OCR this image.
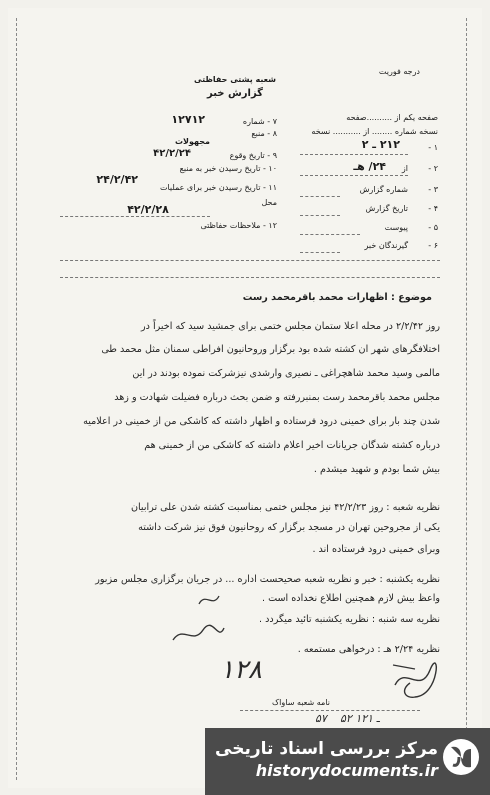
درجه فوریت
شعبه پشتی حفاظتی
گزارش خبر
صفحه یکم از ..........صفحه
نسخه شماره ........ از ........... نسخه
۱ -
۲۱۲ ـ ۲
۲ -
از
۲۴/ هـ
۳ -
شماره گزارش
۴ -
تاریخ گزارش
۵ -
پیوست
۶ -
گیرندگان خبر
۷ - شماره
۱۲۷۱۲
۸ - منبع
مجهولات
۹ - تاریخ وقوع
۴۲/۲/۲۴
۱۰ - تاریخ رسیدن خبر به منبع
۱۱ - تاریخ رسیدن خبر برای عملیات
محل
۱۲ - ملاحظات حفاظتی
۲۴/۲/۴۲
۴۲/۲/۲۸
موضوع : اظهارات محمد باقرمحمد رست
روز ۲/۲/۴۲ در محله اعلا ستمان مجلس ختمی برای جمشید سید که اخیراً در
اختلافگرهای شهر ان کشته شده بود برگزار وروحانیون افراطی سمنان مثل محمد طی
مالمی وسید محمد شاهچراغی ـ نصیری وارشدی نیزشرکت نموده بودند در این
مجلس محمد باقرمحمد رست بمنبررفته و ضمن بحث درباره فضیلت شهادت و زهد
شدن چند بار برای خمینی درود فرستاده و اظهار داشته که کاشکی من از خمینی در اعلامیه
درباره کشته شدگان جریانات اخیر اعلام داشته که کاشکی من از خمینی هم
بیش شما بودم و شهید میشدم .
نظریه شعبه : روز ۴۲/۲/۲۳ نیز مجلس ختمی بمناسبت کشته شدن علی ترابیان
یکی از مجروحین تهران در مسجد برگزار که روحانیون فوق نیز شرکت داشته
وبرای خمینی درود فرستاده اند .
نظریه یکشنبه : خبر و نظریه شعبه صحیحست اداره ... در جریان برگزاری مجلس مزبور
واعظ بیش لازم همچنین اطلاع نخداده است .
نظریه سه شنبه : نظریه یکشنبه تائید میگردد .
نظریه ۲/۲۴ هـ : درخواهی مستمعه .
۱۲۸
نامه شعبه ساواک
۵۲ ـ ۱۲۱
۵۷
مرکز بررسی اسناد تاریخی
historydocuments.ir
